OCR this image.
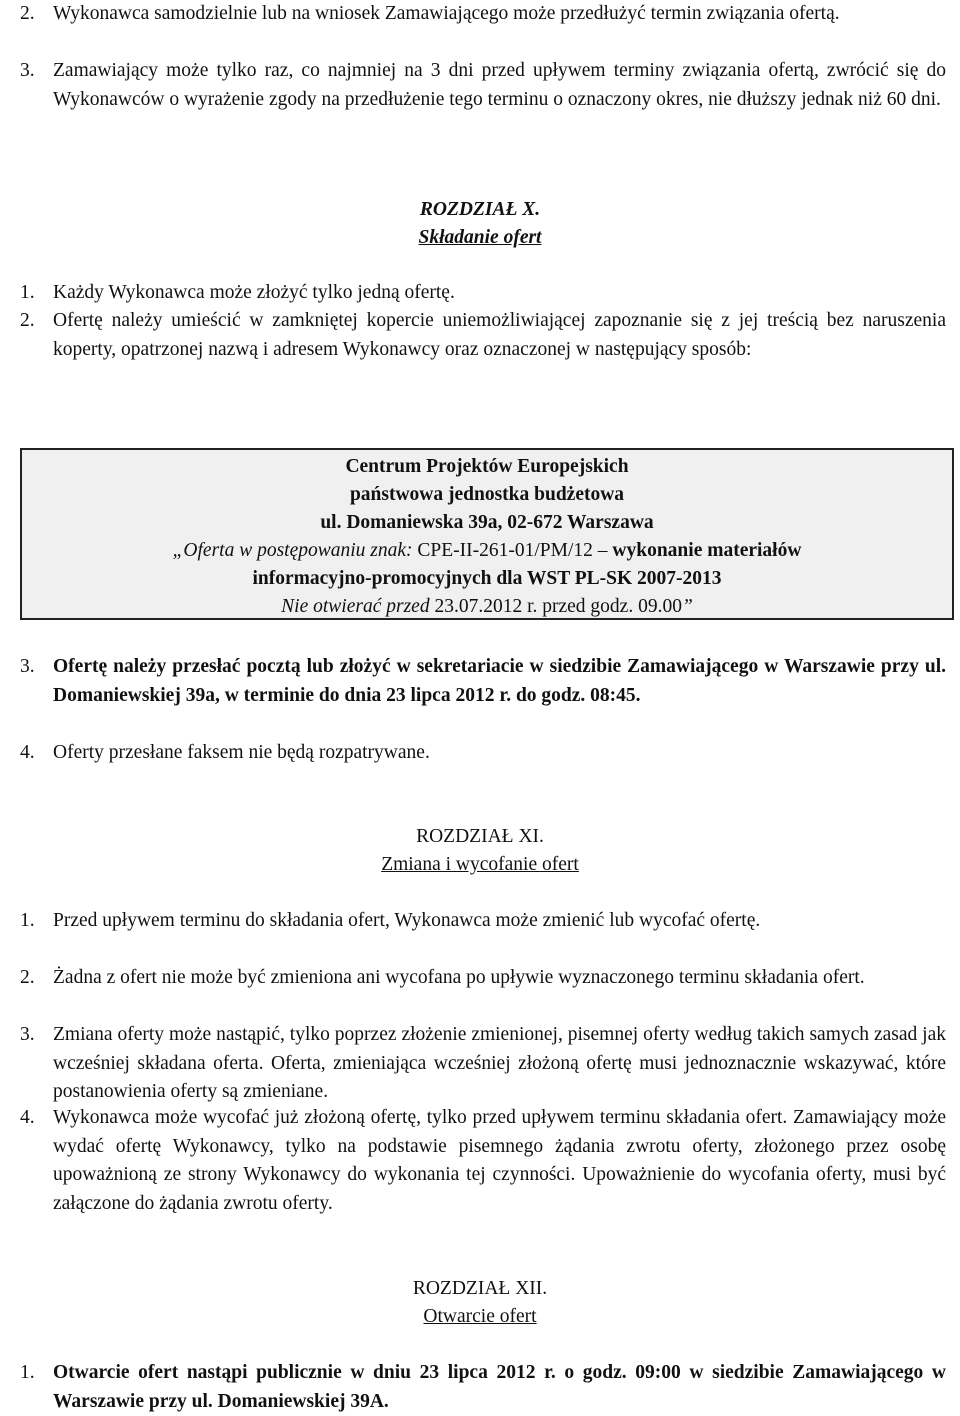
2. Wykonawca samodzielnie lub na wniosek Zamawiającego może przedłużyć termin związania ofertą.
3. Zamawiający może tylko raz, co najmniej na 3 dni przed upływem terminy związania ofertą, zwrócić się do Wykonawców o wyrażenie zgody na przedłużenie tego terminu o oznaczony okres, nie dłuższy jednak niż 60 dni.
ROZDZIAŁ X.
Składanie ofert
1. Każdy Wykonawca może złożyć tylko jedną ofertę.
2. Ofertę należy umieścić w zamkniętej kopercie uniemożliwiającej zapoznanie się z jej treścią bez naruszenia koperty, opatrzonej nazwą i adresem Wykonawcy oraz oznaczonej w następujący sposób:
Centrum Projektów Europejskich
państwowa jednostka budżetowa
ul. Domaniewska 39a, 02-672 Warszawa
„Oferta w postępowaniu znak: CPE-II-261-01/PM/12 – wykonanie materiałów
informacyjno-promocyjnych dla WST PL-SK 2007-2013
Nie otwierać przed 23.07.2012 r. przed godz. 09.00”
3. Ofertę należy przesłać pocztą lub złożyć w sekretariacie w siedzibie Zamawiającego w Warszawie przy ul. Domaniewskiej 39a, w terminie do dnia 23 lipca 2012 r. do godz. 08:45.
4. Oferty przesłane faksem nie będą rozpatrywane.
ROZDZIAŁ XI.
Zmiana i wycofanie ofert
1. Przed upływem terminu do składania ofert, Wykonawca może zmienić lub wycofać ofertę.
2. Żadna z ofert nie może być zmieniona ani wycofana po upływie wyznaczonego terminu składania ofert.
3. Zmiana oferty może nastąpić, tylko poprzez złożenie zmienionej, pisemnej oferty według takich samych zasad jak wcześniej składana oferta. Oferta, zmieniająca wcześniej złożoną ofertę musi jednoznacznie wskazywać, które postanowienia oferty są zmieniane.
4. Wykonawca może wycofać już złożoną ofertę, tylko przed upływem terminu składania ofert. Zamawiający może wydać ofertę Wykonawcy, tylko na podstawie pisemnego żądania zwrotu oferty, złożonego przez osobę upoważnioną ze strony Wykonawcy do wykonania tej czynności. Upoważnienie do wycofania oferty, musi być załączone do żądania zwrotu oferty.
ROZDZIAŁ XII.
Otwarcie ofert
1. Otwarcie ofert nastąpi publicznie w dniu 23 lipca 2012 r. o godz. 09:00 w siedzibie Zamawiającego w Warszawie przy ul. Domaniewskiej 39A.
